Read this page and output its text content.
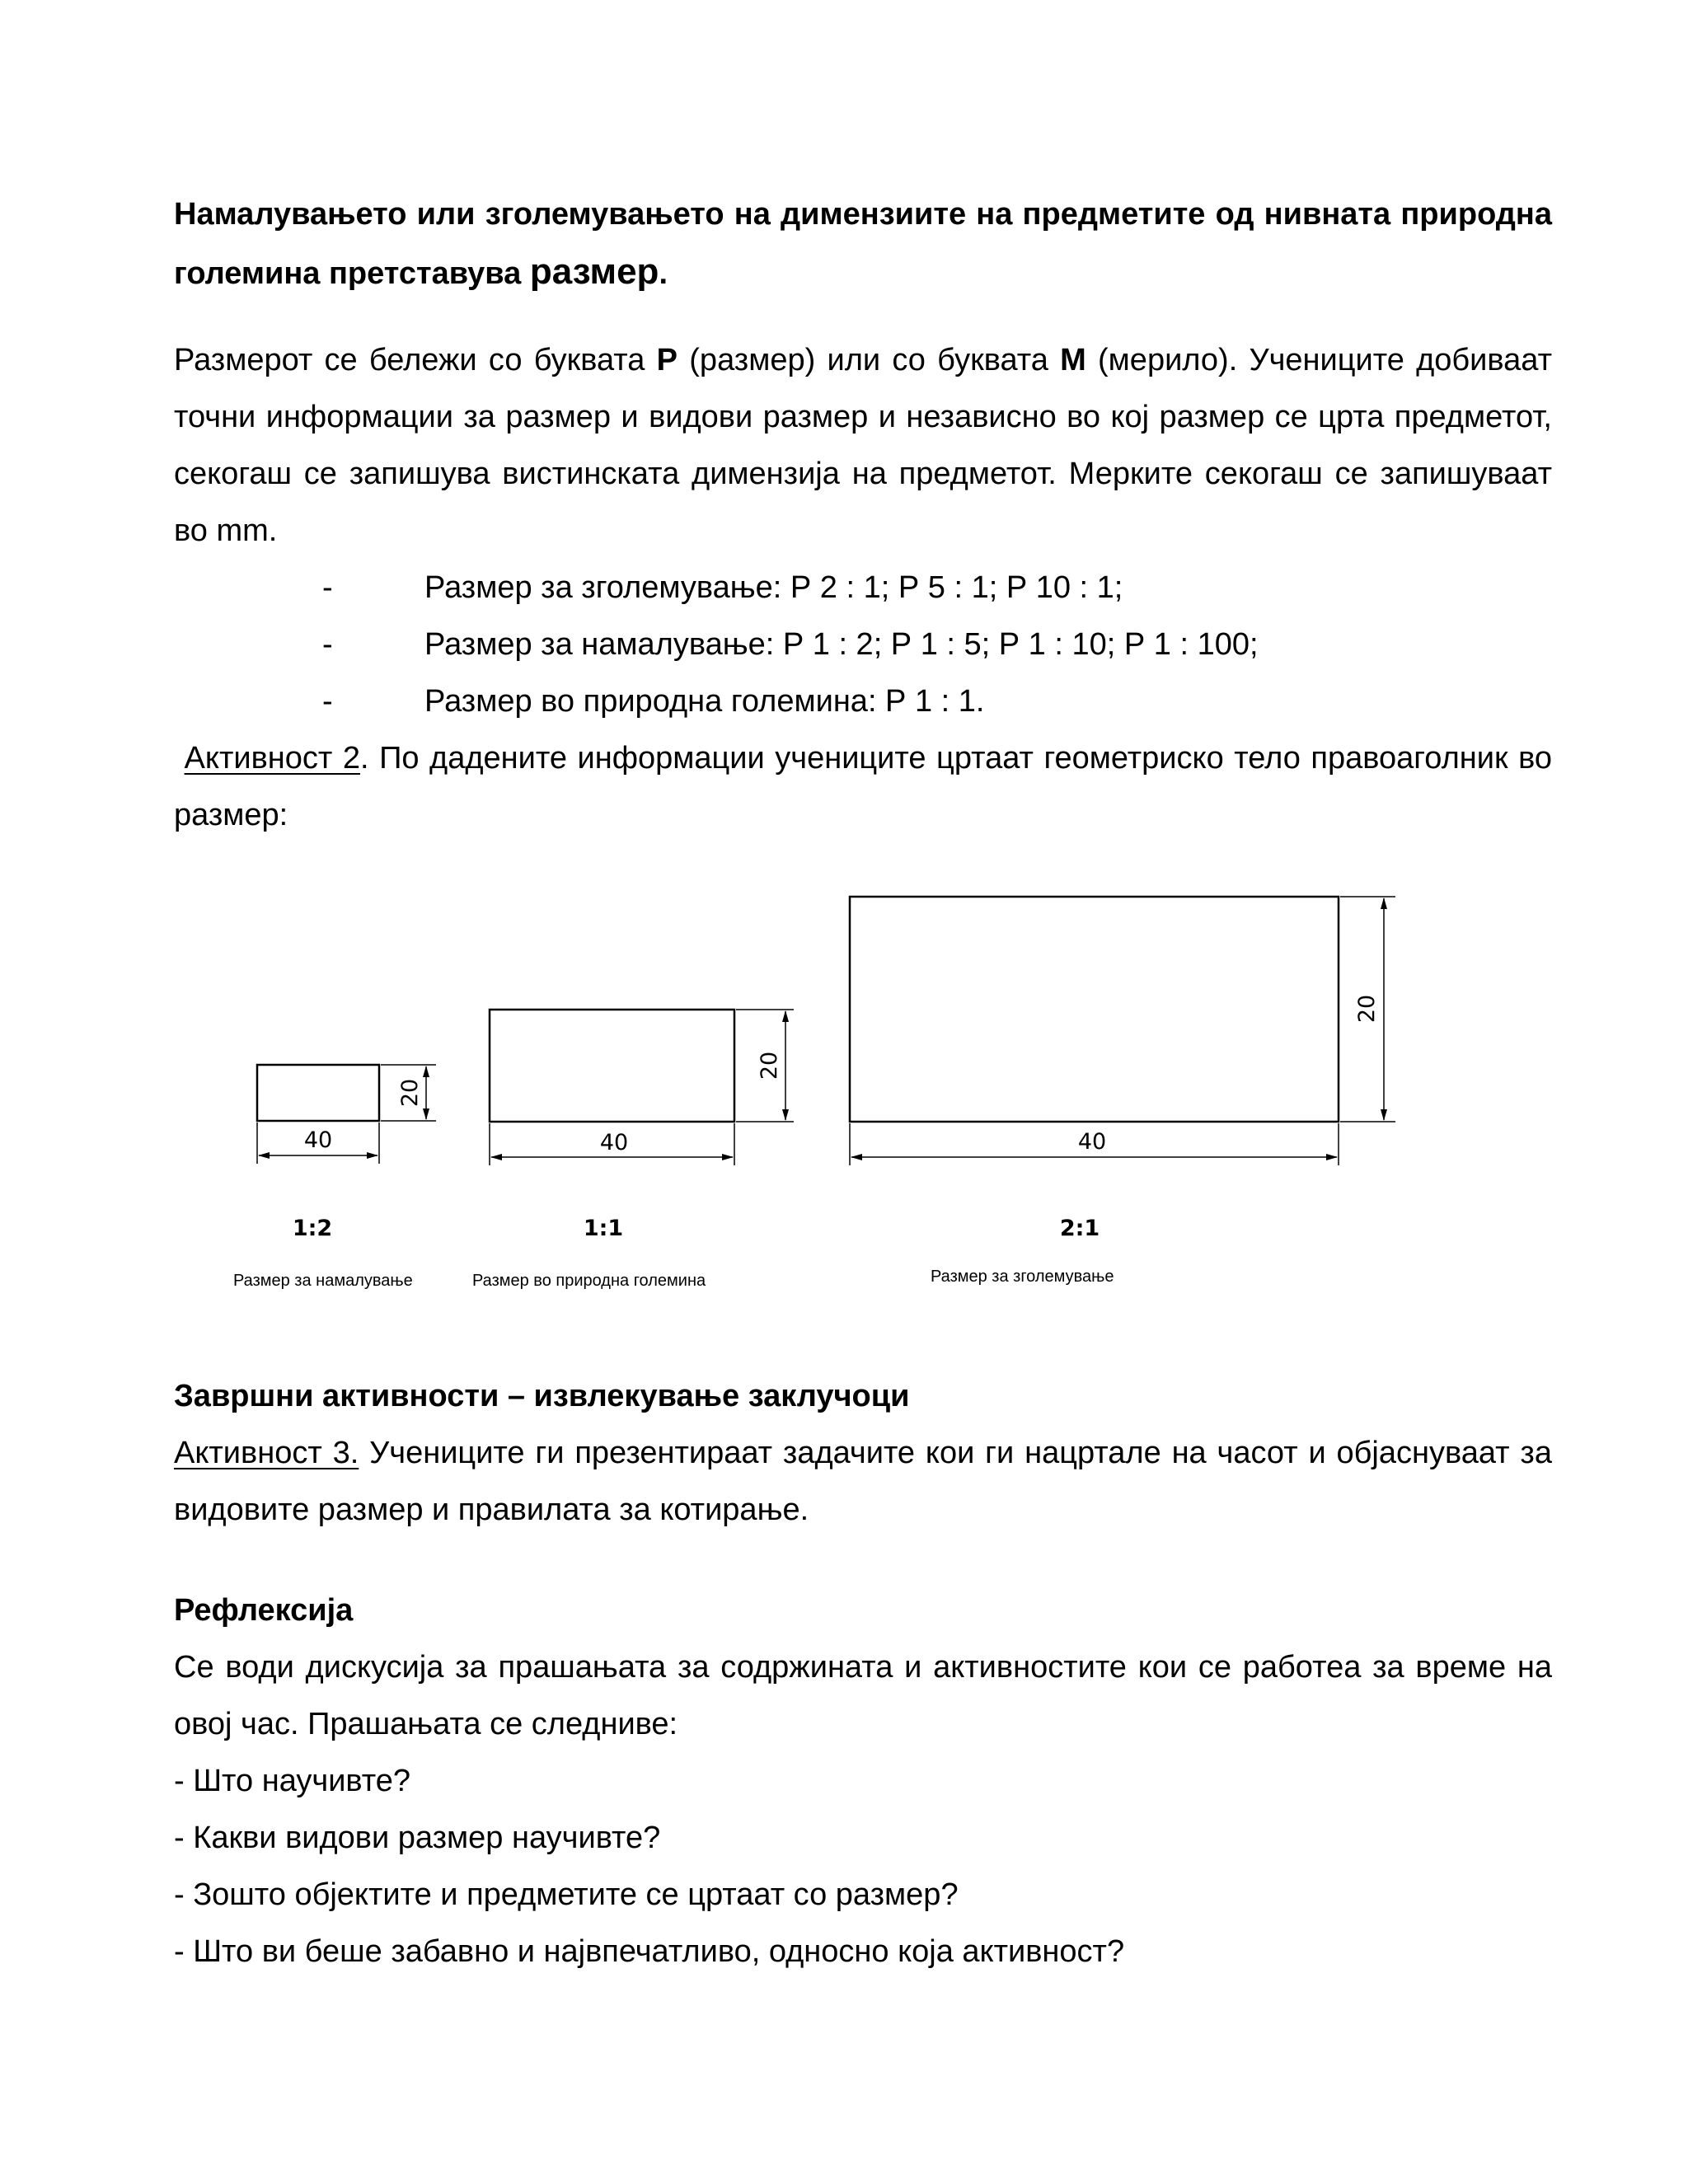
Намалувањето или зголемувањето на димензиите на предметите од нивната природна големина претставува размер.

Размерот се бележи со буквата Р (размер) или со буквата М (мерило). Учениците добиваат точни информации за размер и видови размер и независно во кој размер се црта предметот, секогаш се запишува вистинската димензија на предметот. Мерките секогаш се запишуваат во mm.

-	Размер за зголемување: Р 2 : 1; Р 5 : 1; Р 10 : 1;
-	Размер за намалување: Р 1 : 2; Р 1 : 5; Р 1 : 10; Р 1 : 100;
-	Размер во природна големина: Р 1 : 1.

Активност 2. По дадените информации учениците цртаат геометриско тело правоаголник во размер:

40
20
1:2
40
20
1:1
40
20
2:1
Размер за намалување	Размер во природна големина	Размер за зголемување

Завршни активности – извлекување заклучоци

Активност 3. Учениците ги презентираат задачите кои ги нацртале на часот и објаснуваат за видовите размер и правилата за котирање.

Рефлексија

Се води дискусија за прашањата за содржината и активностите кои се работеа за време на овој час. Прашањата се следниве:

- Што научивте?

- Какви видови размер научивте?

- Зошто објектите и предметите се цртаат со размер?

- Што ви беше забавно и највпечатливо, односно која активност?
